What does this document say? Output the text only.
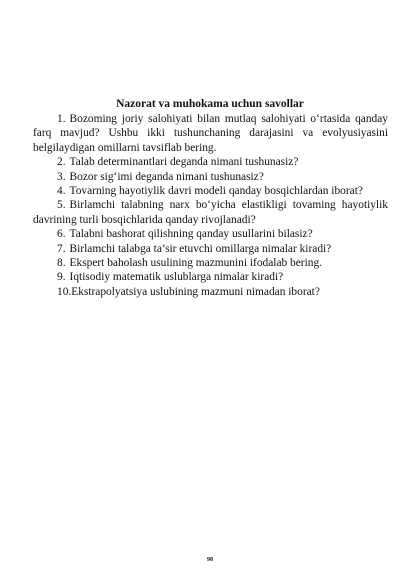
Nazorat va muhokama uchun savollar

1. Bozoming joriy salohiyati bilan mutlaq salohiyati o‘rtasida qanday farq mavjud? Ushbu ikki tushunchaning darajasini va evolyusiyasini belgilaydigan omillarni tavsiflab bering.

2. Talab determinantlari deganda nimani tushunasiz?

3. Bozor sig‘imi deganda nimani tushunasiz?

4. Tovarning hayotiylik davri modeli qanday bosqichlardan iborat?

5. Birlamchi talabning narx bo‘yicha elastikligi tovaming hayotiylik davrining turli bosqichlarida qanday rivojlanadi?

6. Talabni bashorat qilishning qanday usullarini bilasiz?

7. Birlamchi talabga ta’sir etuvchi omillarga nimalar kiradi?

8. Ekspert baholash usulining mazmunini ifodalab bering.

9. Iqtisodiy matematik uslublarga nimalar kiradi?

10.Ekstrapolyatsiya uslubining mazmuni nimadan iborat?

98
